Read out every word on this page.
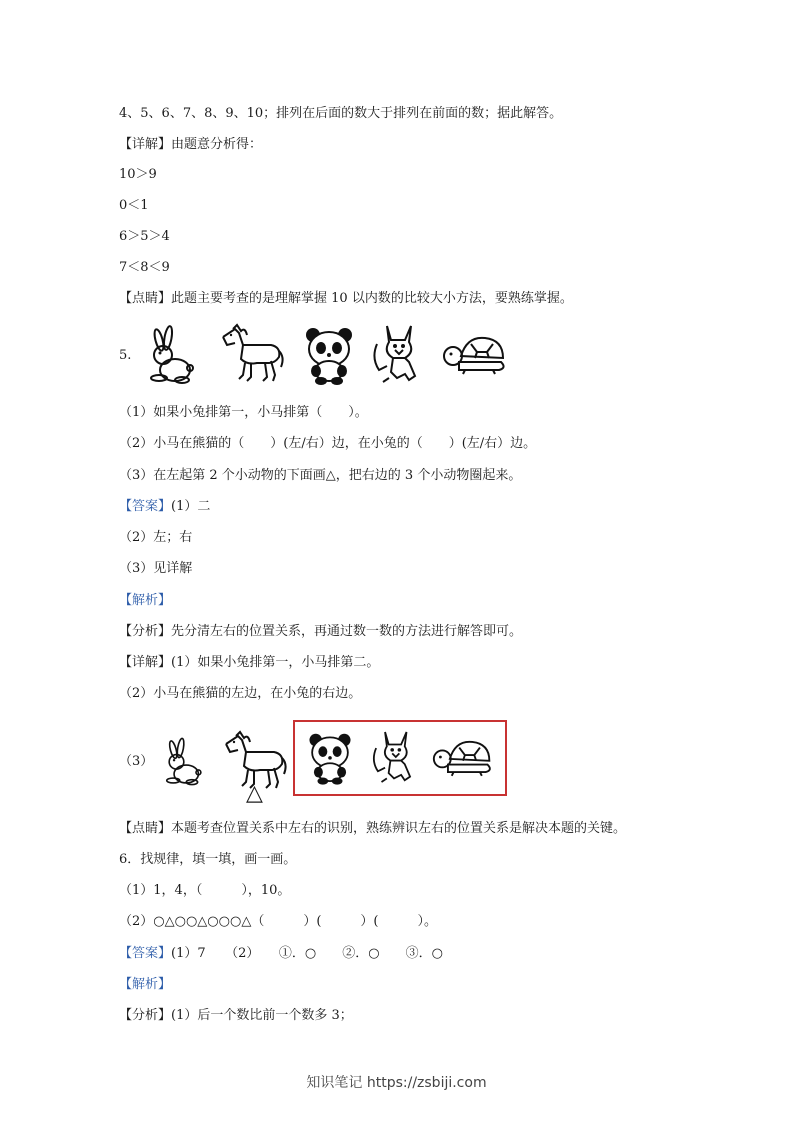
4、5、6、7、8、9、10；排列在后面的数大于排列在前面的数；据此解答。
【详解】由题意分析得：
10＞9
0＜1
6＞5＞4
7＜8＜9
【点睛】此题主要考查的是理解掌握 10 以内数的比较大小方法，要熟练掌握。
5.
（1）如果小兔排第一，小马排第（　　）。
（2）小马在熊猫的（　　）(左/右）边，在小兔的（　　）(左/右）边。
（3）在左起第 2 个小动物的下面画△，把右边的 3 个小动物圈起来。
【答案】(1）二
（2）左；右
（3）见详解
【解析】
【分析】先分清左右的位置关系，再通过数一数的方法进行解答即可。
【详解】(1）如果小兔排第一，小马排第二。
（2）小马在熊猫的左边，在小兔的右边。
（3）
△
【点睛】本题考查位置关系中左右的识别，熟练辨识左右的位置关系是解决本题的关键。
6．找规律，填一填，画一画。
（1）1，4，（　　　），10。
（2）○△○○△○○○△（　　　）(　　　）(　　　）。
【答案】(1）7　　（2）　　①．○　　②．○　　③．○
【解析】
【分析】(1）后一个数比前一个数多 3；
知识笔记 https://zsbiji.com
